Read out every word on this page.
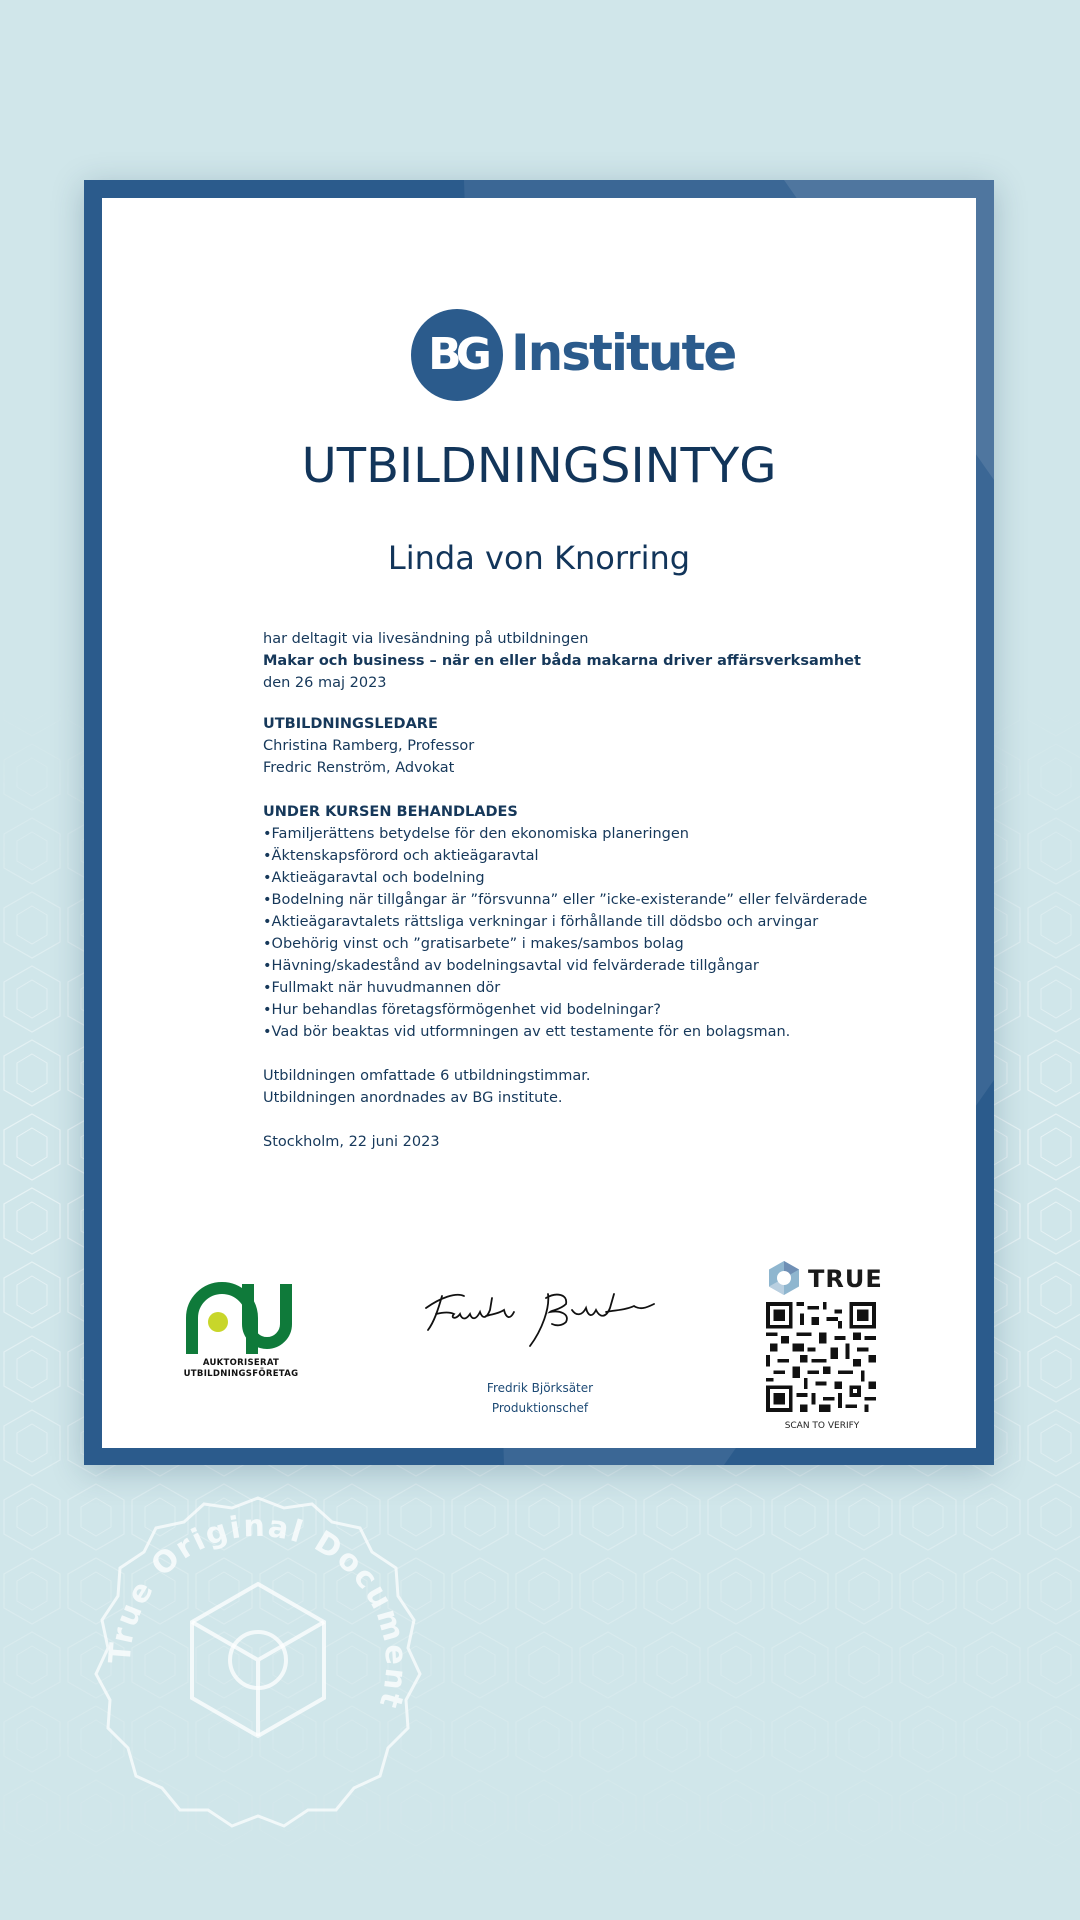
BG Institute
UTBILDNINGSINTYG
Linda von Knorring
har deltagit via livesändning på utbildningen
Makar och business – när en eller båda makarna driver affärsverksamhet
den 26 maj 2023
UTBILDNINGSLEDARE
Christina Ramberg, Professor
Fredric Renström, Advokat
UNDER KURSEN BEHANDLADES
•Familjerättens betydelse för den ekonomiska planeringen
•Äktenskapsförord och aktieägaravtal
•Aktieägaravtal och bodelning
•Bodelning när tillgångar är ”försvunna” eller ”icke-existerande” eller felvärderade
•Aktieägaravtalets rättsliga verkningar i förhållande till dödsbo och arvingar
•Obehörig vinst och ”gratisarbete” i makes/sambos bolag
•Hävning/skadestånd av bodelningsavtal vid felvärderade tillgångar
•Fullmakt när huvudmannen dör
•Hur behandlas företagsförmögenhet vid bodelningar?
•Vad bör beaktas vid utformningen av ett testamente för en bolagsman.
Utbildningen omfattade 6 utbildningstimmar.
Utbildningen anordnades av BG institute.
Stockholm, 22 juni 2023
AUKTORISERAT
UTBILDNINGSFÖRETAG
Fredrik Björksäter
Produktionschef
TRUE
SCAN TO VERIFY
True Original Document
